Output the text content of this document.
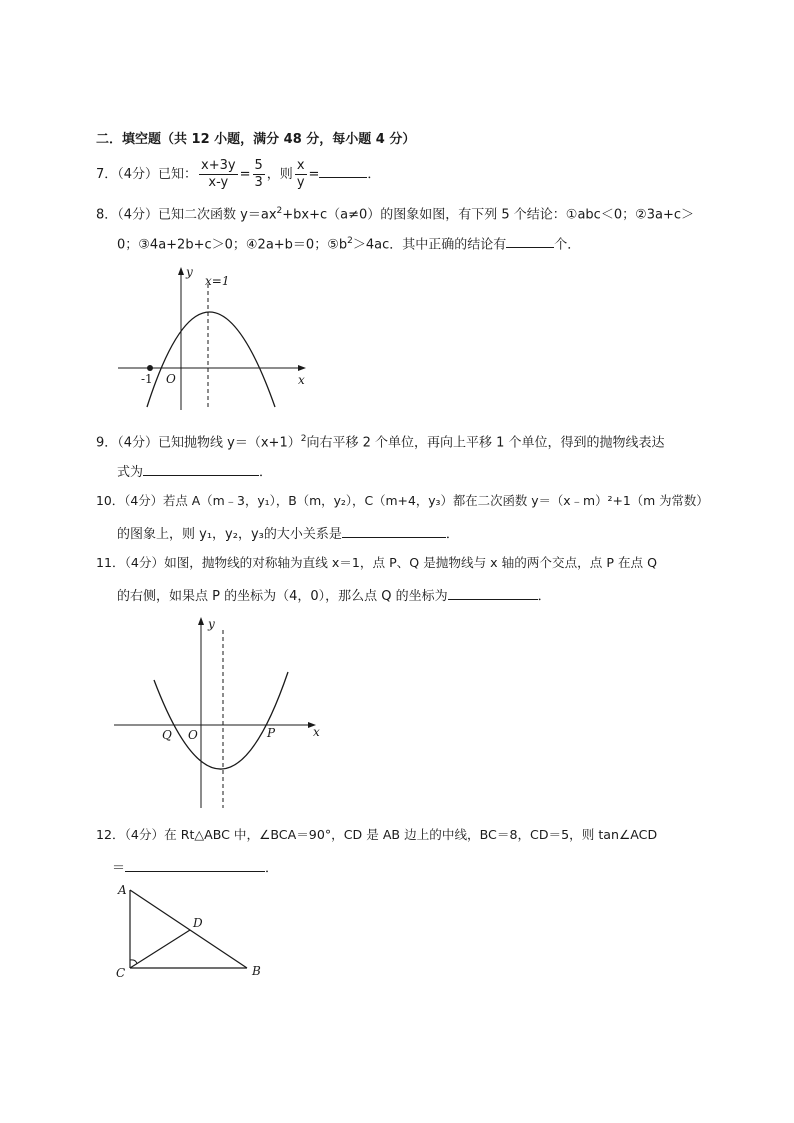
二．填空题（共 12 小题，满分 48 分，每小题 4 分）
7．（4分）已知： $\frac{x+3y}{x-y} = \frac{5}{3}$ ，则 $\frac{x}{y}$ =	．
8．（4分）已知二次函数 $y=ax^2+bx+c(a\ne 0)$的图象如图，有下列 5 个结论：①abc＜0；②3a+c＞
0；③4a+2b+c＞0；④2a+b＝0；$⑤b^2>4ac$．其中正确的结论有	个．
x=1
y
x
O
-1
9．（4分）已知抛物线 $y=(x+1)^2$向右平移 2 个单位，再向上平移 1 个单位，得到的抛物线表达
式为	．
10．（4分）若点 A（m﹣3，y₁），B（m，y₂），C（m+4，y₃）都在二次函数 y＝（x﹣m）²+1（m 为常数）
的图象上，则 y₁，y₂，y₃的大小关系是	．
11．（4分）如图，抛物线的对称轴为直线 x＝1，点 P、Q 是抛物线与 x 轴的两个交点，点 P 在点 Q
的右侧，如果点 P 的坐标为（4，0），那么点 Q 的坐标为	．
y
x
O
Q	P
12．（4分）在 Rt△ABC 中，∠BCA＝90°，CD 是 AB 边上的中线，BC＝8，CD＝5，则 tan∠ACD
＝	．
A
B
C
D
